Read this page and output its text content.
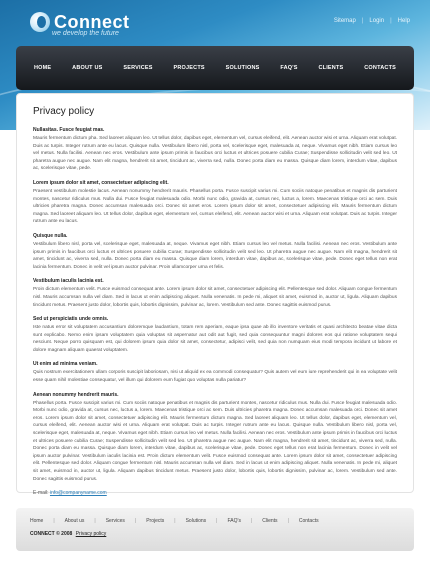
Connect
we develop the future
Sitemap | Login | Help
HOME	ABOUT US	SERVICES	PROJECTS	SOLUTIONS	FAQ'S	CLIENTS	CONTACTS
Privacy policy
Nullasitas. Fusce feugiat mas.
Mauris fermentum dictum pha. Sed laoreet aliquam leo. Ut tellus dolor, dapibus eget, elementum vel, cursus eleifend, elit. Aenean auctor wisi et urna. Aliquam erat volutpat. Duis ac turpis. Integer rutrum ante eu lacus. Quisque nulla. Vestibulum libero nisl, porta vel, scelerisque eget, malesuada at, neque. Vivamus eget nibh. Etiam cursus leo vel metus. Nulla facilisi. Aenean nec eros. Vestibulum ante ipsum primis in faucibus orci luctus et ultrices posuere cubilia Curae; Suspendisse sollicitudin velit sed leo. Ut pharetra augue nec augue. Nam elit magna, hendrerit sit amet, tincidunt ac, viverra sed, nulla. Donec porta diam eu massa. Quisque diam lorem, interdum vitae, dapibus ac, scelerisque vitae, pede.
Lorem ipsum dolor sit amet, consectetuer adipiscing elit.
Praesent vestibulum molestie lacus. Aenean nonummy hendrerit mauris. Phasellus porta. Fusce suscipit varius mi. Cum sociis natoque penatibus et magnis dis parturient montes, nascetur ridiculus mus. Nulla dui. Fusce feugiat malesuada odio. Morbi nunc odio, gravida at, cursus nec, luctus a, lorem. Maecenas tristique orci ac sem. Duis ultricies pharetra magna. Donec accumsan malesuada orci. Donec sit amet eros. Lorem ipsum dolor sit amet, consectetuer adipiscing elit. Mauris fermentum dictum magna. Sed laoreet aliquam leo. Ut tellus dolor, dapibus eget, elementum vel, cursus eleifend, elit. Aenean auctor wisi et urna. Aliquam erat volutpat. Duis ac turpis. Integer rutrum ante eu lacus.
Quisque nulla.
Vestibulum libero nisl, porta vel, scelerisque eget, malesuada at, neque. Vivamus eget nibh. Etiam cursus leo vel metus. Nulla facilisi. Aenean nec eros. Vestibulum ante ipsum primis in faucibus orci luctus et ultrices posuere cubilia Curae; Suspendisse sollicitudin velit sed leo. Ut pharetra augue nec augue. Nam elit magna, hendrerit sit amet, tincidunt ac, viverra sed, nulla. Donec porta diam eu massa. Quisque diam lorem, interdum vitae, dapibus ac, scelerisque vitae, pede. Donec eget tellus non erat lacinia fermentum. Donec in velit vel ipsum auctor pulvinar. Proin ullamcorper urna et felis.
Vestibulum iaculis lacinia est.
Proin dictum elementum velit. Fusce euismod consequat ante. Lorem ipsum dolor sit amet, consectetuer adipiscing elit. Pellentesque sed dolor. Aliquam congue fermentum nisl. Mauris accumsan nulla vel diam. Sed in lacus ut enim adipiscing aliquet. Nulla venenatis. In pede mi, aliquet sit amet, euismod in, auctor ut, ligula. Aliquam dapibus tincidunt metus. Praesent justo dolor, lobortis quis, lobortis dignissim, pulvinar ac, lorem. Vestibulum sed ante. Donec sagittis euismod purus.
Sed ut perspiciatis unde omnis.
Iste natus error sit voluptatem accusantium doloremque laudantium, totam rem aperiam, eaque ipsa quae ab illo inventore veritatis et quasi architecto beatae vitae dicta sunt explicabo. Nemo enim ipsam voluptatem quia voluptas sit aspernatur aut odit aut fugit, sed quia consequuntur magni dolores eos qui ratione voluptatem sequi nesciunt. Neque porro quisquam est, qui dolorem ipsum quia dolor sit amet, consectetur, adipisci velit, sed quia non numquam eius modi tempora incidunt ut labore et dolore magnam aliquam quaerat voluptatem.
Ut enim ad minima veniam.
Quis nostrum exercitationem ullam corporis suscipit laboriosam, nisi ut aliquid ex ea commodi consequatur? Quis autem vel eum iure reprehenderit qui in ea voluptate velit esse quam nihil molestiae consequatur, vel illum qui dolorem eum fugiat quo voluptas nulla pariatur?
Aenean nonummy hendrerit mauris.
Phasellus porta. Fusce suscipit varius mi. Cum sociis natoque penatibus et magnis dis parturient montes, nascetur ridiculus mus. Nulla dui. Fusce feugiat malesuada odio. Morbi nunc odio, gravida at, cursus nec, luctus a, lorem. Maecenas tristique orci ac sem. Duis ultricies pharetra magna. Donec accumsan malesuada orci. Donec sit amet eros. Lorem ipsum dolor sit amet, consectetuer adipiscing elit. Mauris fermentum dictum magna. Sed laoreet aliquam leo. Ut tellus dolor, dapibus eget, elementum vel, cursus eleifend, elit. Aenean auctor wisi et urna. Aliquam erat volutpat. Duis ac turpis. Integer rutrum ante eu lacus. Quisque nulla. Vestibulum libero nisl, porta vel, scelerisque eget, malesuada at, neque. Vivamus eget nibh. Etiam cursus leo vel metus. Nulla facilisi. Aenean nec eros. Vestibulum ante ipsum primis in faucibus orci luctus et ultrices posuere cubilia Curae; Suspendisse sollicitudin velit sed leo. Ut pharetra augue nec augue. Nam elit magna, hendrerit sit amet, tincidunt ac, viverra sed, nulla. Donec porta diam eu massa. Quisque diam lorem, interdum vitae, dapibus ac, scelerisque vitae, pede. Donec eget tellus non erat lacinia fermentum. Donec in velit vel ipsum auctor pulvinar. Vestibulum iaculis lacinia est. Proin dictum elementum velit. Fusce euismod consequat ante. Lorem ipsum dolor sit amet, consectetuer adipiscing elit. Pellentesque sed dolor. Aliquam congue fermentum nisl. Mauris accumsan nulla vel diam. Sed in lacus ut enim adipiscing aliquet. Nulla venenatis. In pede mi, aliquet sit amet, euismod in, auctor ut, ligula. Aliquam dapibus tincidunt metus. Praesent justo dolor, lobortis quis, lobortis dignissim, pulvinar ac, lorem. Vestibulum sed ante. Donec sagittis euismod purus.
E-mail: info@companyname.com
Home | About us | Services | Projects | Solutions | FAQ's | Clients | Contacts
CONNECT © 2008 Privacy policy
